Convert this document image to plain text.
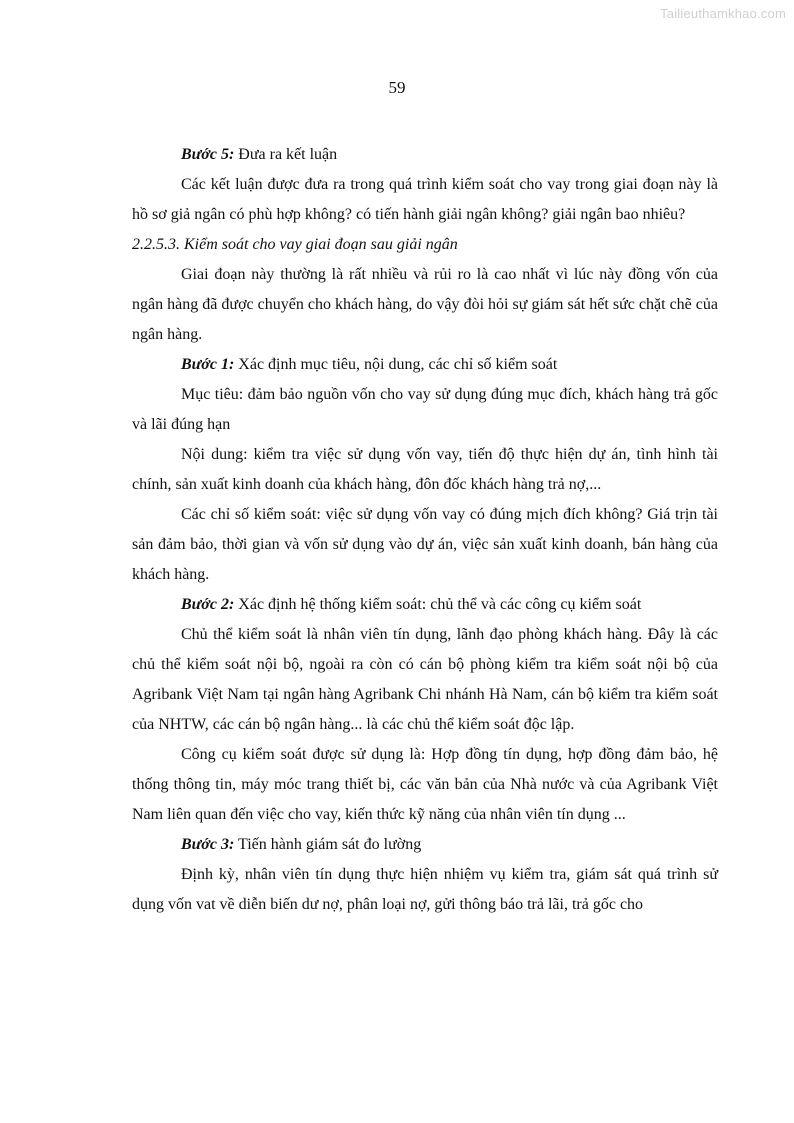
Tailieuthamkhao.com
59

Bước 5: Đưa ra kết luận

Các kết luận được đưa ra trong quá trình kiểm soát cho vay trong giai đoạn này là hồ sơ giả ngân có phù hợp không? có tiến hành giải ngân không? giải ngân bao nhiêu?

2.2.5.3. Kiểm soát cho vay giai đoạn sau giải ngân

Giai đoạn này thường là rất nhiều và rủi ro là cao nhất vì lúc này đồng vốn của ngân hàng đã được chuyển cho khách hàng, do vậy đòi hỏi sự giám sát hết sức chặt chẽ của ngân hàng.

Bước 1: Xác định mục tiêu, nội dung, các chỉ số kiểm soát

Mục tiêu: đảm bảo nguồn vốn cho vay sử dụng đúng mục đích, khách hàng trả gốc và lãi đúng hạn

Nội dung: kiểm tra việc sử dụng vốn vay, tiến độ thực hiện dự án, tình hình tài chính, sản xuất kinh doanh của khách hàng, đôn đốc khách hàng trả nợ,...

Các chỉ số kiểm soát: việc sử dụng vốn vay có đúng mịch đích không? Giá trịn tài sản đảm bảo, thời gian và vốn sử dụng vào dự án, việc sản xuất kinh doanh, bán hàng của khách hàng.

Bước 2: Xác định hệ thống kiểm soát: chủ thể và các công cụ kiểm soát

Chủ thể kiểm soát là nhân viên tín dụng, lãnh đạo phòng khách hàng. Đây là các chủ thể kiểm soát nội bộ, ngoài ra còn có cán bộ phòng kiểm tra kiểm soát nội bộ của Agribank Việt Nam tại ngân hàng Agribank Chi nhánh Hà Nam, cán bộ kiểm tra kiểm soát của NHTW, các cán bộ ngân hàng... là các chủ thể kiểm soát độc lập.

Công cụ kiểm soát được sử dụng là: Hợp đồng tín dụng, hợp đồng đảm bảo, hệ thống thông tin, máy móc trang thiết bị, các văn bản của Nhà nước và của Agribank Việt Nam liên quan đến việc cho vay, kiến thức kỹ năng của nhân viên tín dụng ...

Bước 3: Tiến hành giám sát đo lường

Định kỳ, nhân viên tín dụng thực hiện nhiệm vụ kiểm tra, giám sát quá trình sử dụng vốn vat về diễn biến dư nợ, phân loại nợ, gửi thông báo trả lãi, trả gốc cho
